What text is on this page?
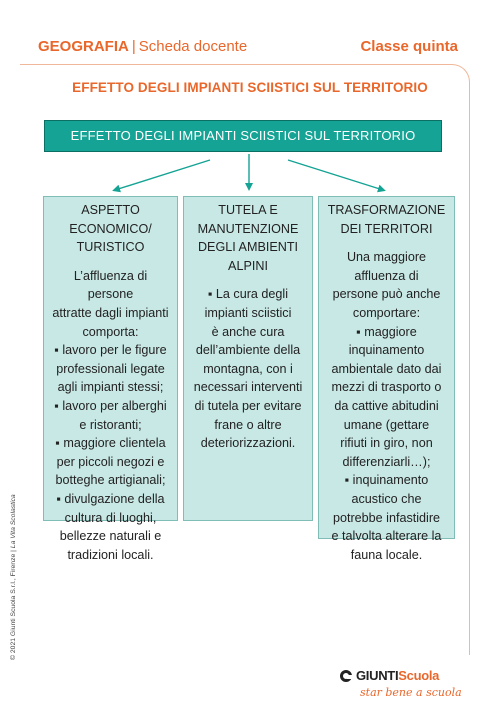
GEOGRAFIA | Scheda docente	Classe quinta
EFFETTO DEGLI IMPIANTI SCIISTICI SUL TERRITORIO
EFFETTO DEGLI IMPIANTI SCIISTICI SUL TERRITORIO
ASPETTO
ECONOMICO/
TURISTICO
L’affluenza di persone
attratte dagli impianti
comporta:
▪ lavoro per le figure
professionali legate
agli impianti stessi;
▪ lavoro per alberghi
e ristoranti;
▪ maggiore clientela
per piccoli negozi e
botteghe artigianali;
▪ divulgazione della
cultura di luoghi,
bellezze naturali e
tradizioni locali.
TUTELA E
MANUTENZIONE
DEGLI AMBIENTI
ALPINI
▪ La cura degli
impianti sciistici
è anche cura
dell’ambiente della
montagna, con i
necessari interventi
di tutela per evitare
frane o altre
deteriorizzazioni.
TRASFORMAZIONE
DEI TERRITORI
Una maggiore
affluenza di
persone può anche
comportare:
▪ maggiore
inquinamento
ambientale dato dai
mezzi di trasporto o
da cattive abitudini
umane (gettare
rifiuti in giro, non
differenziarli…);
▪ inquinamento
acustico che
potrebbe infastidire
e talvolta alterare la
fauna locale.
© 2021 Giunti Scuola S.r.l., Firenze | La Vita Scolastica
GIUNTIScuola
star bene a scuola
